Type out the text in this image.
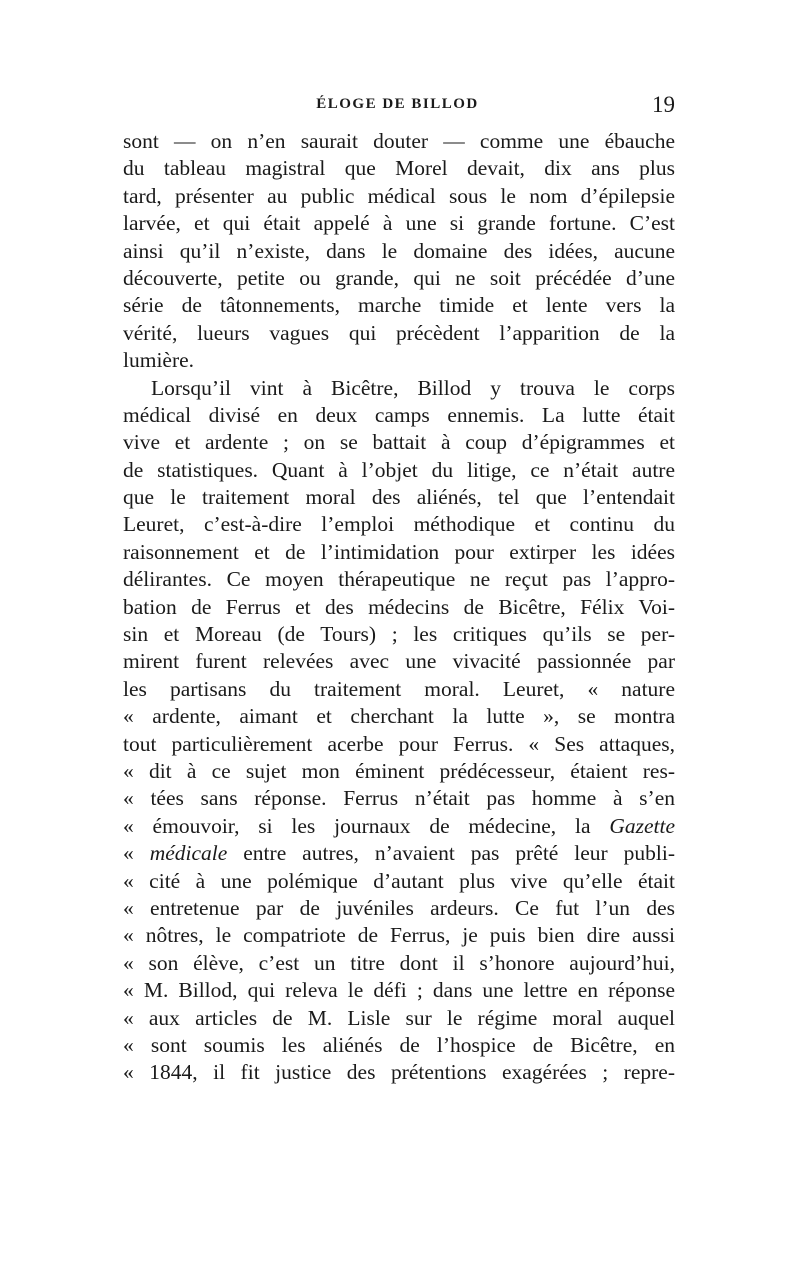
ÉLOGE DE BILLOD	19
sont — on n’en saurait douter — comme une ébauche
du tableau magistral que Morel devait, dix ans plus
tard, présenter au public médical sous le nom d’épilepsie
larvée, et qui était appelé à une si grande fortune. C’est
ainsi qu’il n’existe, dans le domaine des idées, aucune
découverte, petite ou grande, qui ne soit précédée d’une
série de tâtonnements, marche timide et lente vers la
vérité, lueurs vagues qui précèdent l’apparition de la
lumière.
Lorsqu’il vint à Bicêtre, Billod y trouva le corps
médical divisé en deux camps ennemis. La lutte était
vive et ardente ; on se battait à coup d’épigrammes et
de statistiques. Quant à l’objet du litige, ce n’était autre
que le traitement moral des aliénés, tel que l’entendait
Leuret, c’est-à-dire l’emploi méthodique et continu du
raisonnement et de l’intimidation pour extirper les idées
délirantes. Ce moyen thérapeutique ne reçut pas l’appro-
bation de Ferrus et des médecins de Bicêtre, Félix Voi-
sin et Moreau (de Tours) ; les critiques qu’ils se per-
mirent furent relevées avec une vivacité passionnée par
les partisans du traitement moral. Leuret, « nature
« ardente, aimant et cherchant la lutte », se montra
tout particulièrement acerbe pour Ferrus. « Ses attaques,
« dit à ce sujet mon éminent prédécesseur, étaient res-
« tées sans réponse. Ferrus n’était pas homme à s’en
« émouvoir, si les journaux de médecine, la Gazette
« médicale entre autres, n’avaient pas prêté leur publi-
« cité à une polémique d’autant plus vive qu’elle était
« entretenue par de juvéniles ardeurs. Ce fut l’un des
« nôtres, le compatriote de Ferrus, je puis bien dire aussi
« son élève, c’est un titre dont il s’honore aujourd’hui,
« M. Billod, qui releva le défi ; dans une lettre en réponse
« aux articles de M. Lisle sur le régime moral auquel
« sont soumis les aliénés de l’hospice de Bicêtre, en
« 1844, il fit justice des prétentions exagérées ; repre-
